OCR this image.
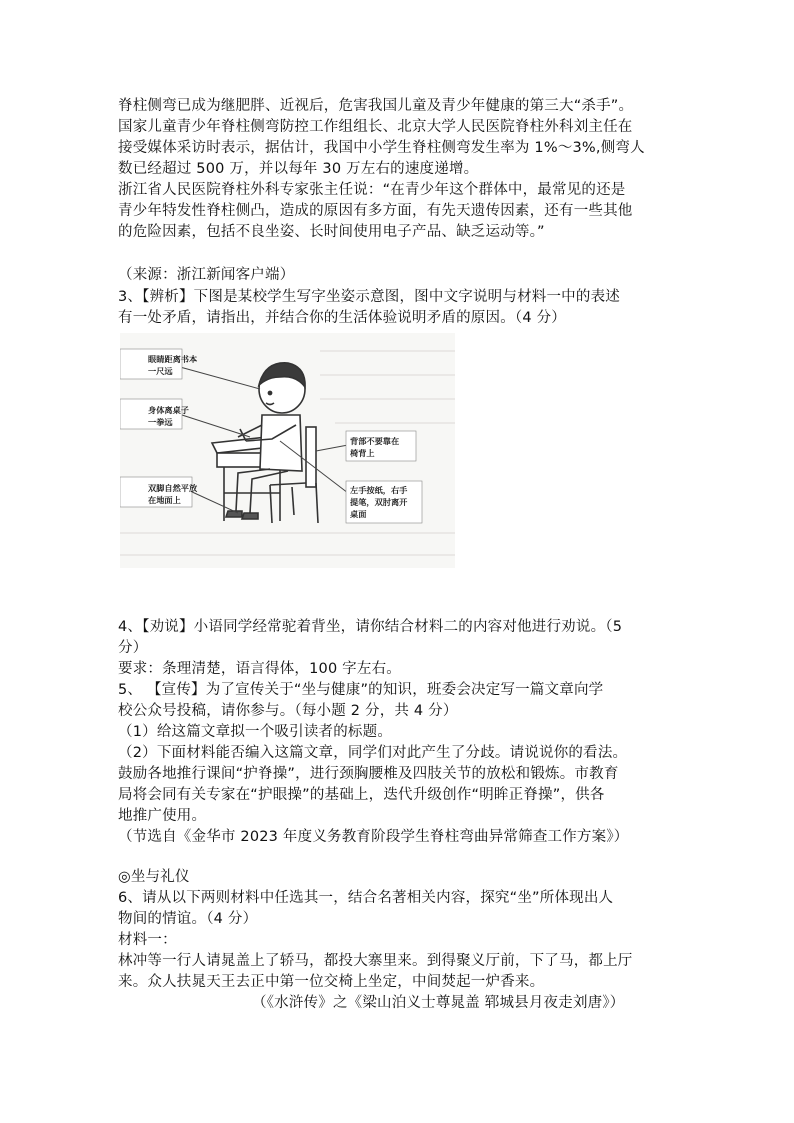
脊柱侧弯已成为继肥胖、近视后，危害我国儿童及青少年健康的第三大“杀手”。
国家儿童青少年脊柱侧弯防控工作组组长、北京大学人民医院脊柱外科刘主任在
接受媒体采访时表示，据估计，我国中小学生脊柱侧弯发生率为 1%～3%,侧弯人
数已经超过 500 万，并以每年 30 万左右的速度递增。
浙江省人民医院脊柱外科专家张主任说：“在青少年这个群体中，最常见的还是
青少年特发性脊柱侧凸，造成的原因有多方面，有先天遗传因素，还有一些其他
的危险因素，包括不良坐姿、长时间使用电子产品、缺乏运动等。”
（来源：浙江新闻客户端）
3、【辨析】下图是某校学生写字坐姿示意图，图中文字说明与材料一中的表述
有一处矛盾，请指出，并结合你的生活体验说明矛盾的原因。（4 分）
眼睛距离书本
一尺远
身体离桌子
一拳远
双脚自然平放
在地面上
背部不要靠在
椅背上
左手按纸，右手
提笔，双肘离开
桌面
4、【劝说】小语同学经常驼着背坐，请你结合材料二的内容对他进行劝说。（5
分）
要求：条理清楚，语言得体，100 字左右。
5、 【宣传】为了宣传关于“坐与健康”的知识，班委会决定写一篇文章向学
校公众号投稿，请你参与。（每小题 2 分，共 4 分）
（1）给这篇文章拟一个吸引读者的标题。
（2）下面材料能否编入这篇文章，同学们对此产生了分歧。请说说你的看法。
鼓励各地推行课间“护脊操”，进行颈胸腰椎及四肢关节的放松和锻炼。市教育
局将会同有关专家在“护眼操”的基础上，迭代升级创作“明眸正脊操”，供各
地推广使用。
（节选自《金华市 2023 年度义务教育阶段学生脊柱弯曲异常筛查工作方案》）
◎坐与礼仪
6、请从以下两则材料中任选其一，结合名著相关内容，探究“坐”所体现出人
物间的情谊。（4 分）
材料一：
林冲等一行人请晁盖上了轿马，都投大寨里来。到得聚义厅前，下了马，都上厅
来。众人扶晁天王去正中第一位交椅上坐定，中间焚起一炉香来。
（《水浒传》之《梁山泊义士尊晁盖 郓城县月夜走刘唐》）
